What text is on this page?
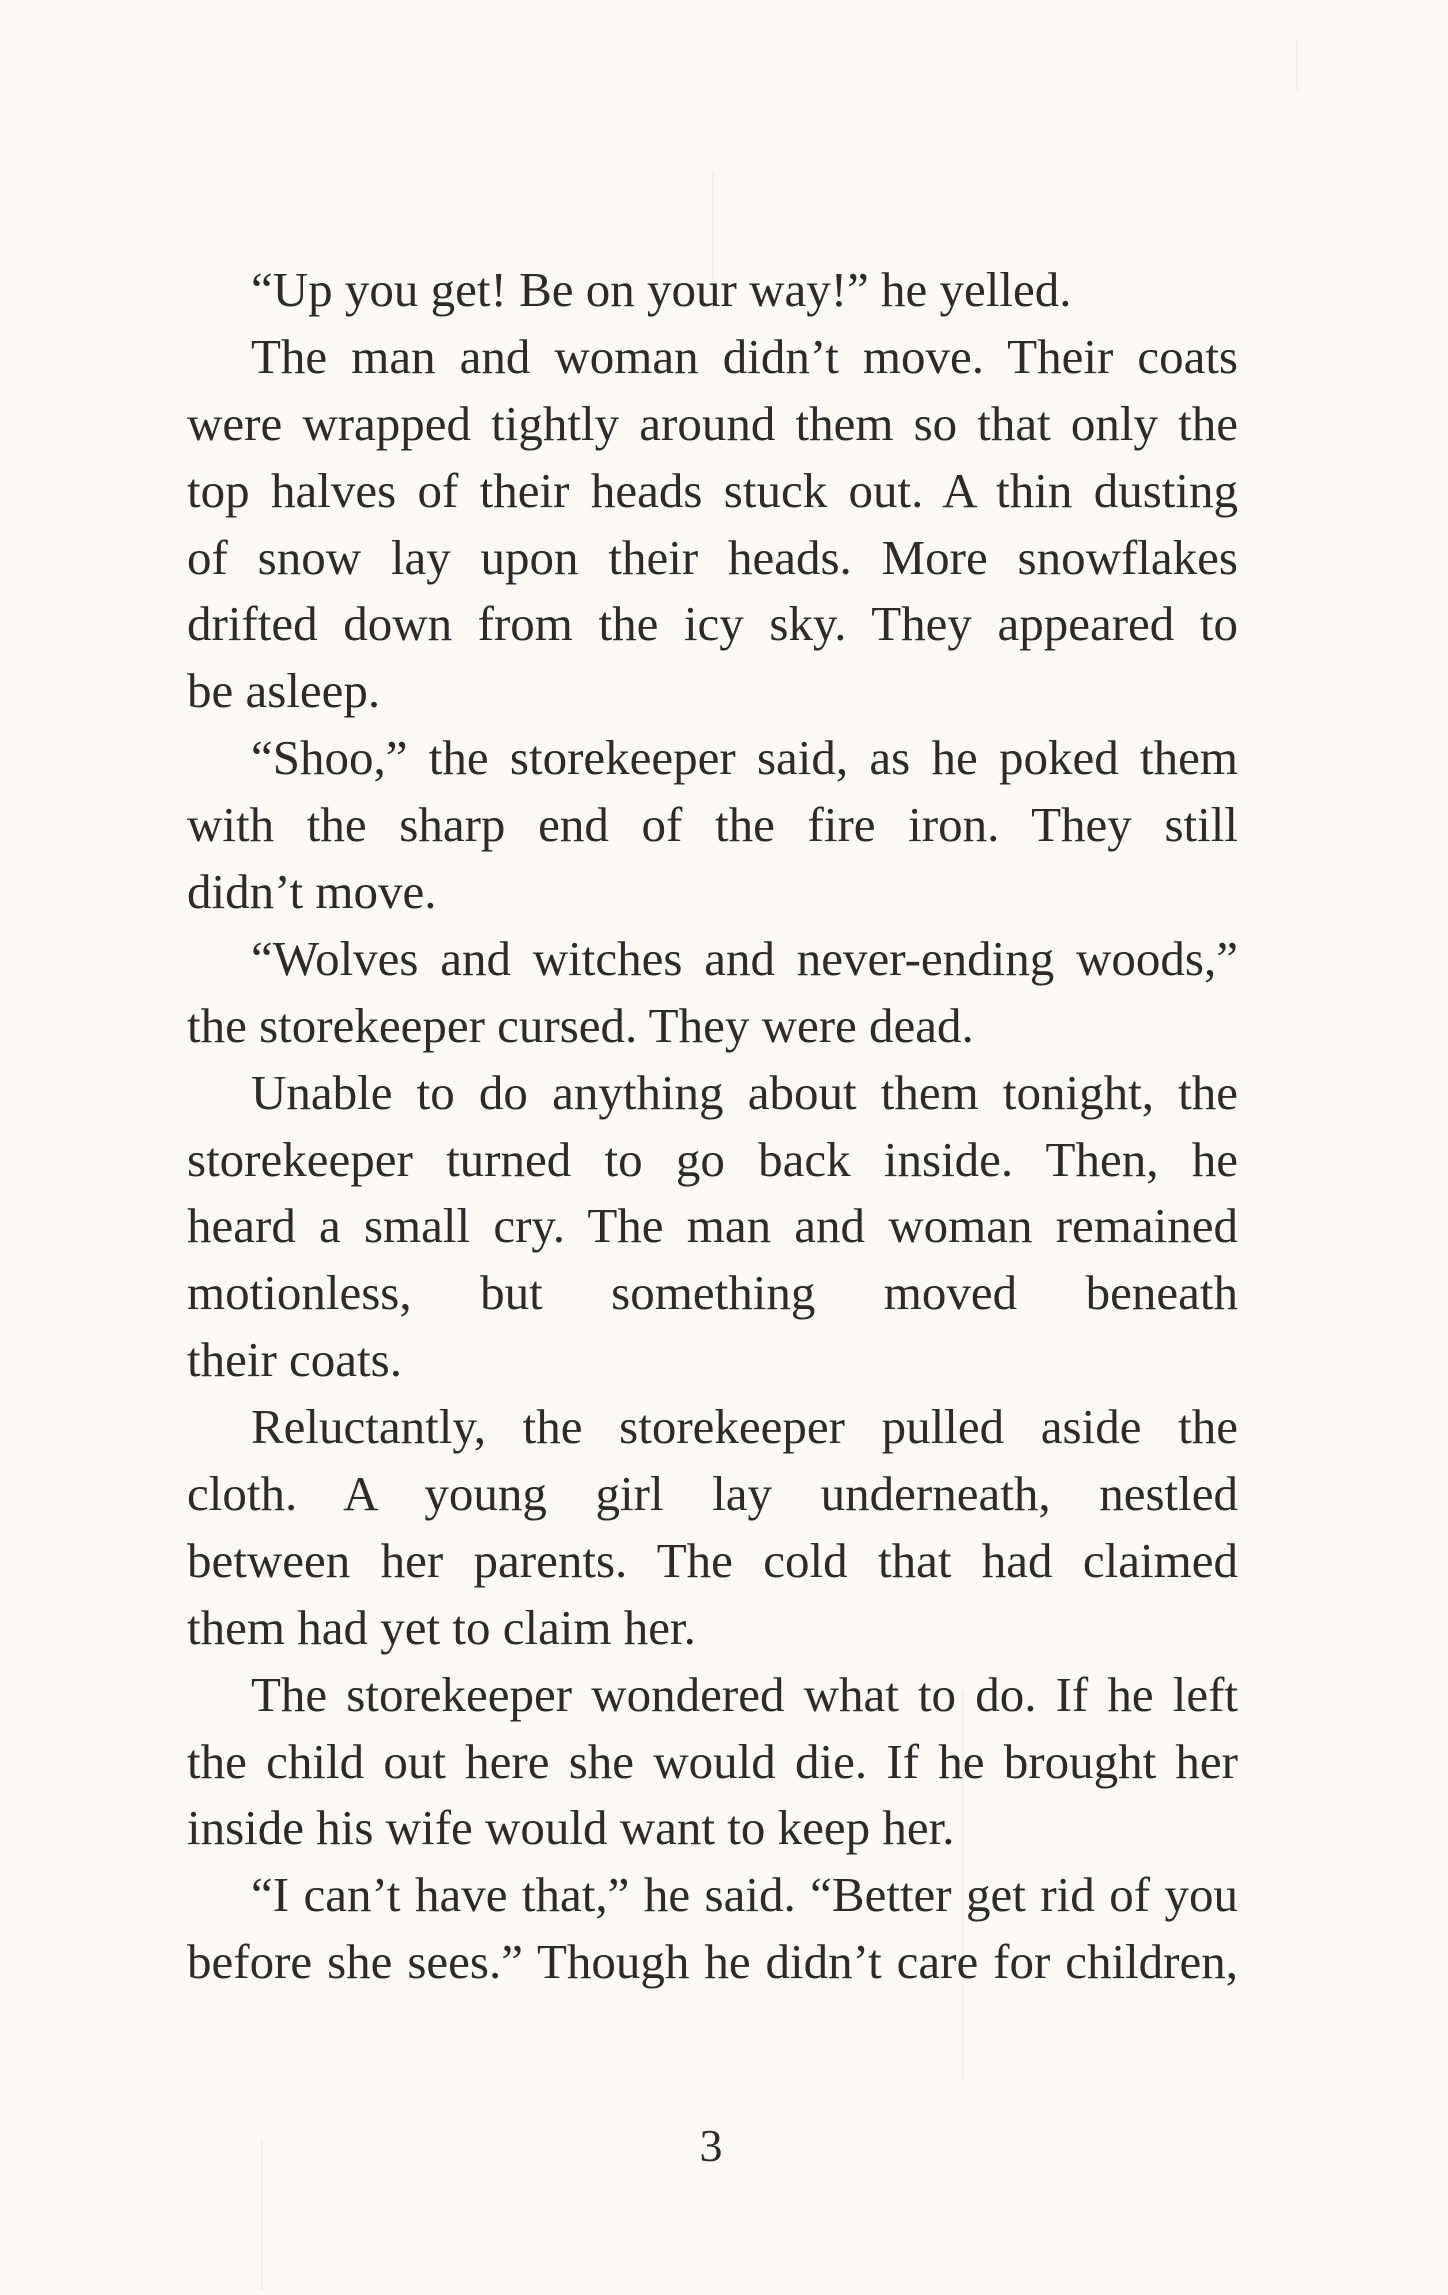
“Up you get! Be on your way!” he yelled.
The man and woman didn’t move. Their coats
were wrapped tightly around them so that only the
top halves of their heads stuck out. A thin dusting
of snow lay upon their heads. More snowflakes
drifted down from the icy sky. They appeared to
be asleep.
“Shoo,” the storekeeper said, as he poked them
with the sharp end of the fire iron. They still
didn’t move.
“Wolves and witches and never-ending woods,”
the storekeeper cursed. They were dead.
Unable to do anything about them tonight, the
storekeeper turned to go back inside. Then, he
heard a small cry. The man and woman remained
motionless, but something moved beneath
their coats.
Reluctantly, the storekeeper pulled aside the
cloth. A young girl lay underneath, nestled
between her parents. The cold that had claimed
them had yet to claim her.
The storekeeper wondered what to do. If he left
the child out here she would die. If he brought her
inside his wife would want to keep her.
“I can’t have that,” he said. “Better get rid of you
before she sees.” Though he didn’t care for children,
3
